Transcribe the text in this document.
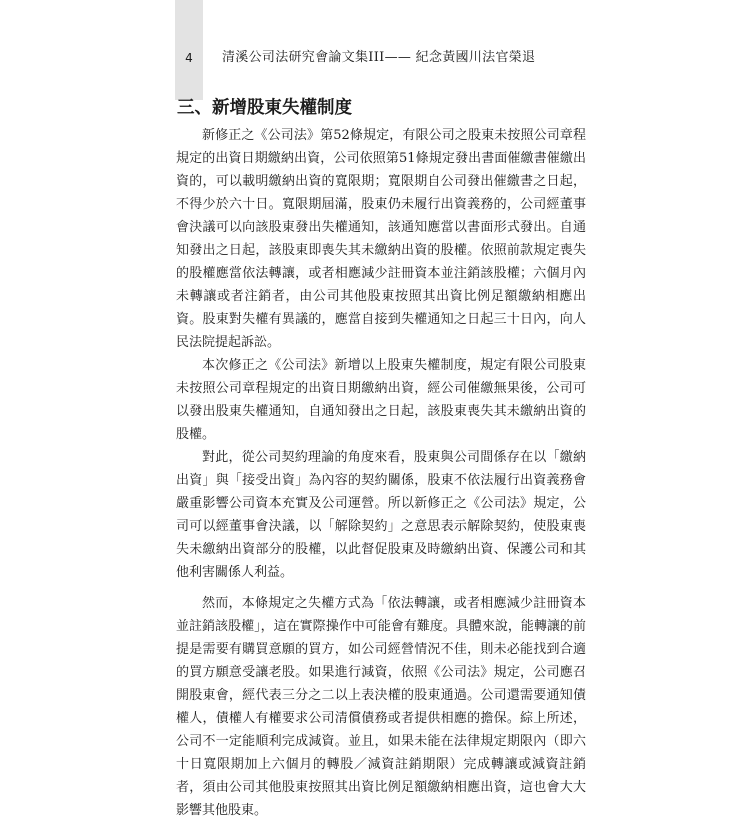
4	清溪公司法研究會論文集III—— 紀念黃國川法官榮退
三、新增股東失權制度

新修正之《公司法》第52條規定，有限公司之股東未按照公司章程規定的出資日期繳納出資，公司依照第51條規定發出書面催繳書催繳出資的，可以載明繳納出資的寬限期；寬限期自公司發出催繳書之日起，不得少於六十日。寬限期屆滿，股東仍未履行出資義務的，公司經董事會決議可以向該股東發出失權通知，該通知應當以書面形式發出。自通知發出之日起，該股東即喪失其未繳納出資的股權。依照前款規定喪失的股權應當依法轉讓，或者相應減少註冊資本並注銷該股權；六個月內未轉讓或者注銷者，由公司其他股東按照其出資比例足額繳納相應出資。股東對失權有異議的，應當自接到失權通知之日起三十日內，向人民法院提起訴訟。

本次修正之《公司法》新增以上股東失權制度，規定有限公司股東未按照公司章程規定的出資日期繳納出資，經公司催繳無果後，公司可以發出股東失權通知，自通知發出之日起，該股東喪失其未繳納出資的股權。

對此，從公司契約理論的角度來看，股東與公司間係存在以「繳納出資」與「接受出資」為內容的契約關係，股東不依法履行出資義務會嚴重影響公司資本充實及公司運營。所以新修正之《公司法》規定，公司可以經董事會決議，以「解除契約」之意思表示解除契約，使股東喪失未繳納出資部分的股權，以此督促股東及時繳納出資、保護公司和其他利害關係人利益。

然而，本條規定之失權方式為「依法轉讓，或者相應減少註冊資本並註銷該股權」，這在實際操作中可能會有難度。具體來說，能轉讓的前提是需要有購買意願的買方，如公司經營情況不佳，則未必能找到合適的買方願意受讓老股。如果進行減資，依照《公司法》規定，公司應召開股東會，經代表三分之二以上表決權的股東通過。公司還需要通知債權人，債權人有權要求公司清償債務或者提供相應的擔保。綜上所述，公司不一定能順利完成減資。並且，如果未能在法律規定期限內（即六十日寬限期加上六個月的轉股／減資註銷期限）完成轉讓或減資註銷者，須由公司其他股東按照其出資比例足額繳納相應出資，這也會大大影響其他股東。
